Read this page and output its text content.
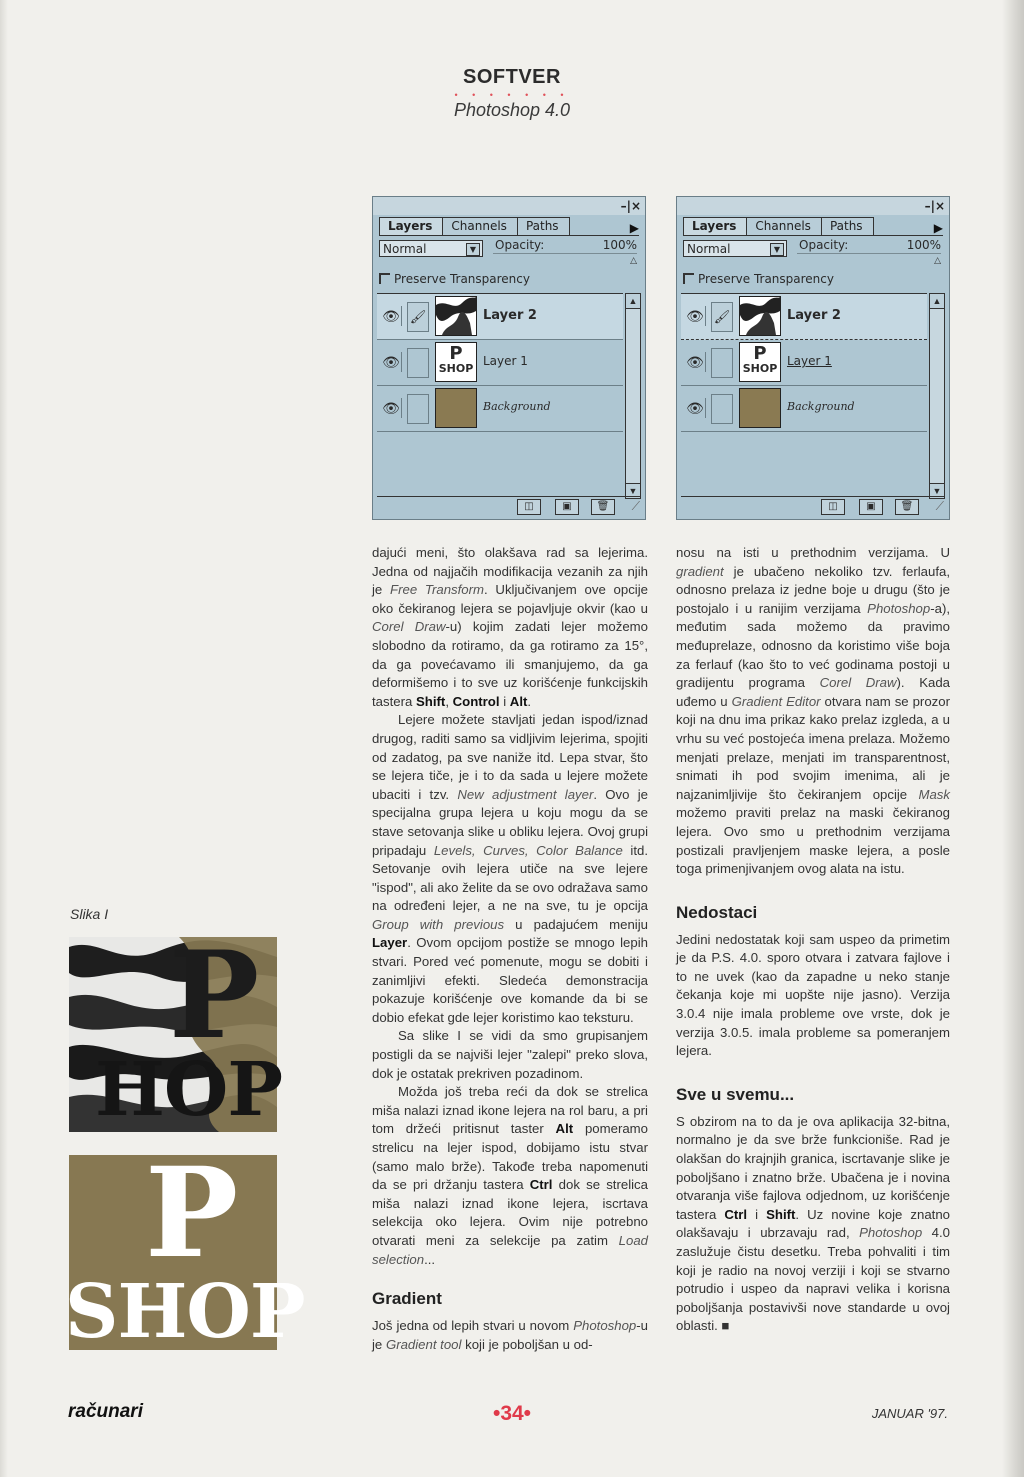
SOFTVER
• • • • • • •
Photoshop 4.0
–|×
Layers	Channels	Paths	▶
Normal	▼	Opacity:	100%
△
Preserve Transparency
👁 🖌	Layer 2
👁	P
SHOP
Layer 1
👁	Background
▲
▼
◫	▣	🗑	⟋
–|×
Layers	Channels	Paths	▶
Normal	▼	Opacity:	100%
△
Preserve Transparency
👁 🖌	Layer 2
👁	P
SHOP
Layer 1
👁	Background
▲
▼
◫	▣	🗑	⟋

dajući meni, što olakšava rad sa lejerima. Jedna od najjačih modifikacija vezanih za njih je Free Transform. Uključivanjem ove opcije oko čekiranog lejera se pojavljuje okvir (kao u Corel Draw-u) kojim zadati lejer možemo slobodno da rotiramo, da ga rotiramo za 15°, da ga povećavamo ili smanjujemo, da ga deformišemo i to sve uz korišćenje funkcijskih tastera Shift, Control i Alt.

Lejere možete stavljati jedan ispod/iznad drugog, raditi samo sa vidljivim lejerima, spojiti od zadatog, pa sve naniže itd. Lepa stvar, što se lejera tiče, je i to da sada u lejere možete ubaciti i tzv. New adjustment layer. Ovo je specijalna grupa lejera u koju mogu da se stave setovanja slike u obliku lejera. Ovoj grupi pripadaju Levels, Curves, Color Balance itd. Setovanje ovih lejera utiče na sve lejere "ispod", ali ako želite da se ovo odražava samo na određeni lejer, a ne na sve, tu je opcija Group with previous u padajućem meniju Layer. Ovom opcijom postiže se mnogo lepih stvari. Pored već pomenute, mogu se dobiti i zanimljivi efekti. Sledeća demonstracija pokazuje korišćenje ove komande da bi se dobio efekat gde lejer koristimo kao teksturu.

Sa slike I se vidi da smo grupisanjem postigli da se najviši lejer "zalepi" preko slova, dok je ostatak prekriven pozadinom.

Možda još treba reći da dok se strelica miša nalazi iznad ikone lejera na rol baru, a pri tom držeći pritisnut taster Alt pomeramo strelicu na lejer ispod, dobijamo istu stvar (samo malo brže). Takođe treba napomenuti da se pri držanju tastera Ctrl dok se strelica miša nalazi iznad ikone lejera, iscrtava selekcija oko lejera. Ovim nije potrebno otvarati meni za selekcije pa zatim Load selection...

Gradient

Još jedna od lepih stvari u novom Photoshop-u je Gradient tool koji je poboljšan u od-

nosu na isti u prethodnim verzijama. U gradient je ubačeno nekoliko tzv. ferlaufa, odnosno prelaza iz jedne boje u drugu (što je postojalo i u ranijim verzijama Photoshop-a), međutim sada možemo da pravimo međuprelaze, odnosno da koristimo više boja za ferlauf (kao što to već godinama postoji u gradijentu programa Corel Draw). Kada uđemo u Gradient Editor otvara nam se prozor koji na dnu ima prikaz kako prelaz izgleda, a u vrhu su već postojeća imena prelaza. Možemo menjati prelaze, menjati im transparentnost, snimati ih pod svojim imenima, ali je najzanimljivije što čekiranjem opcije Mask možemo praviti prelaz na maski čekiranog lejera. Ovo smo u prethodnim verzijama postizali pravljenjem maske lejera, a posle toga primenjivanjem ovog alata na istu.

Nedostaci

Jedini nedostatak koji sam uspeo da primetim je da P.S. 4.0. sporo otvara i zatvara fajlove i to ne uvek (kao da zapadne u neko stanje čekanja koje mi uopšte nije jasno). Verzija 3.0.4 nije imala probleme ove vrste, dok je verzija 3.0.5. imala probleme sa pomeranjem lejera.

Sve u svemu...

S obzirom na to da je ova aplikacija 32-bitna, normalno je da sve brže funkcioniše. Rad je olakšan do krajnjih granica, iscrtavanje slike je poboljšano i znatno brže. Ubačena je i novina otvaranja više fajlova odjednom, uz korišćenje tastera Ctrl i Shift. Uz novine koje znatno olakšavaju i ubrzavaju rad, Photoshop 4.0 zaslužuje čistu desetku. Treba pohvaliti i tim koji je radio na novoj verziji i koji se stvarno potrudio i uspeo da napravi velika i korisna poboljšanja postavivši nove standarde u ovoj oblasti. ■

Slika I
P
HOP
P
SHOP
računari	•34•	JANUAR '97.
